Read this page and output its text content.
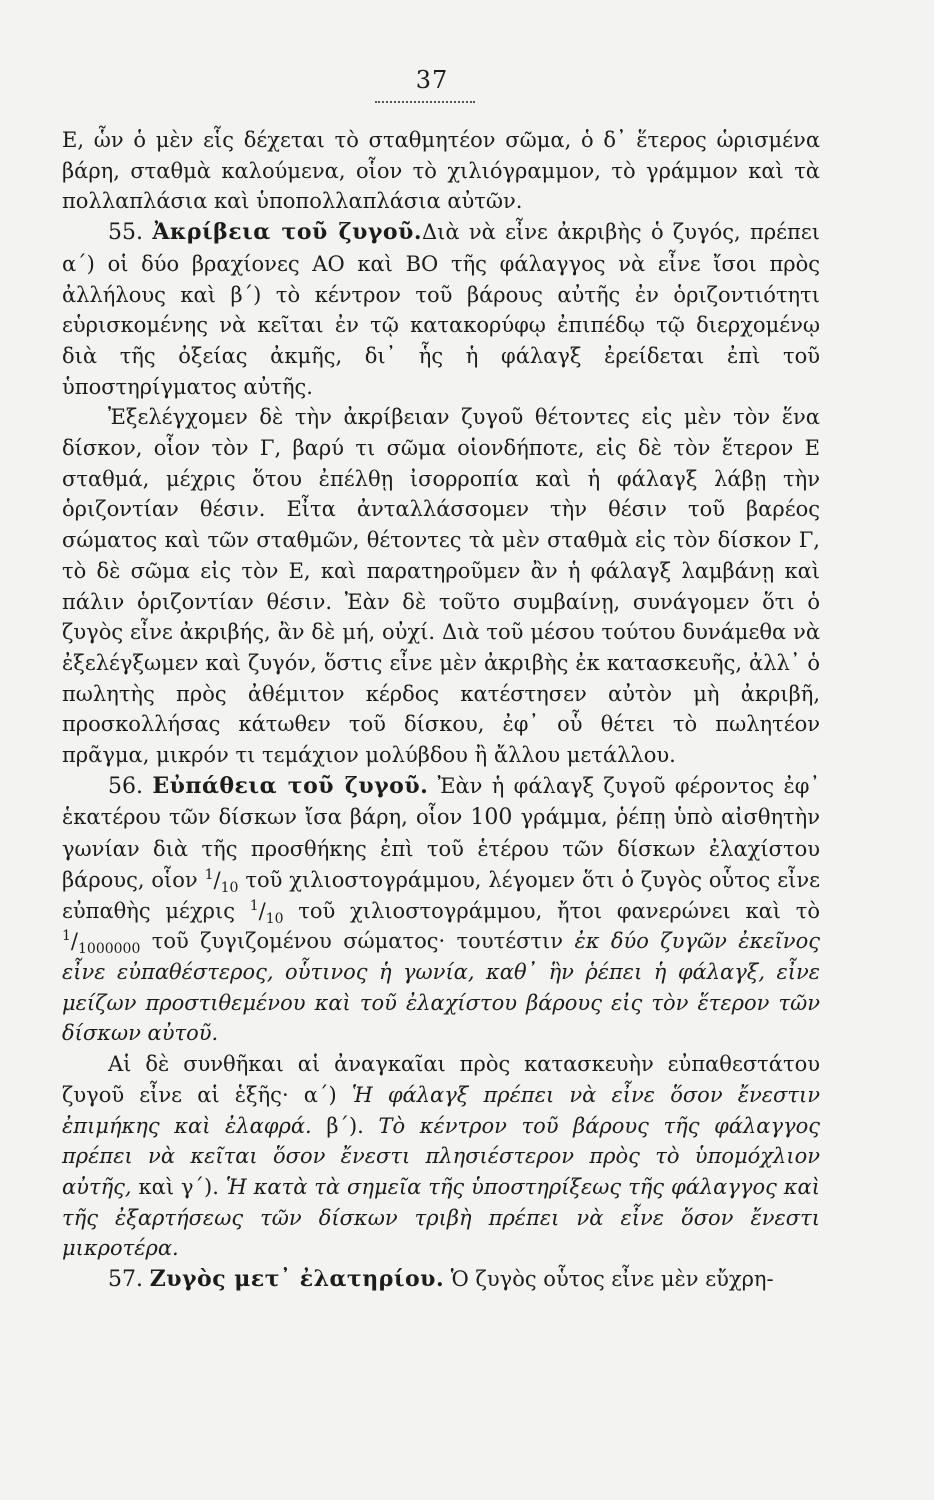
37

Ε, ὧν ὁ μὲν εἷς δέχεται τὸ σταθμητέον σῶμα, ὁ δ᾽ ἕτερος ὡρισμένα βάρη, σταθμὰ καλούμενα, οἷον τὸ χιλιόγραμμον, τὸ γράμμον καὶ τὰ πολλαπλάσια καὶ ὑποπολλαπλάσια αὐτῶν.

55. Ἀκρίβεια τοῦ ζυγοῦ.Διὰ νὰ εἶνε ἀκριβὴς ὁ ζυγός, πρέπει α΄) οἱ δύο βραχίονες ΑΟ καὶ ΒΟ τῆς φάλαγγος νὰ εἶνε ἴσοι πρὸς ἀλλήλους καὶ β΄) τὸ κέντρον τοῦ βάρους αὐτῆς ἐν ὁριζοντιότητι εὑρισκομένης νὰ κεῖται ἐν τῷ κατακορύφῳ ἐπιπέδῳ τῷ διερχομένῳ διὰ τῆς ὀξείας ἀκμῆς, δι᾽ ἧς ἡ φάλαγξ ἐρείδεται ἐπὶ τοῦ ὑποστηρίγματος αὐτῆς.

Ἐξελέγχομεν δὲ τὴν ἀκρίβειαν ζυγοῦ θέτοντες εἰς μὲν τὸν ἕνα δίσκον, οἷον τὸν Γ, βαρύ τι σῶμα οἱονδήποτε, εἰς δὲ τὸν ἕτερον Ε σταθμά, μέχρις ὅτου ἐπέλθῃ ἰσορροπία καὶ ἡ φάλαγξ λάβῃ τὴν ὁριζοντίαν θέσιν. Εἶτα ἀνταλλάσσομεν τὴν θέσιν τοῦ βαρέος σώματος καὶ τῶν σταθμῶν, θέτοντες τὰ μὲν σταθμὰ εἰς τὸν δίσκον Γ, τὸ δὲ σῶμα εἰς τὸν Ε, καὶ παρατηροῦμεν ἂν ἡ φάλαγξ λαμβάνῃ καὶ πάλιν ὁριζοντίαν θέσιν. Ἐὰν δὲ τοῦτο συμβαίνῃ, συνάγομεν ὅτι ὁ ζυγὸς εἶνε ἀκριβής, ἂν δὲ μή, οὐχί. Διὰ τοῦ μέσου τούτου δυνάμεθα νὰ ἐξελέγξωμεν καὶ ζυγόν, ὅστις εἶνε μὲν ἀκριβὴς ἐκ κατασκευῆς, ἀλλ᾽ ὁ πωλητὴς πρὸς ἀθέμιτον κέρδος κατέστησεν αὐτὸν μὴ ἀκριβῆ, προσκολλήσας κάτωθεν τοῦ δίσκου, ἐφ᾽ οὗ θέτει τὸ πωλητέον πρᾶγμα, μικρόν τι τεμάχιον μολύβδου ἢ ἄλλου μετάλλου.

56. Εὐπάθεια τοῦ ζυγοῦ. Ἐὰν ἡ φάλαγξ ζυγοῦ φέροντος ἐφ᾽ ἑκατέρου τῶν δίσκων ἴσα βάρη, οἷον 100 γράμμα, ῥέπῃ ὑπὸ αἰσθητὴν γωνίαν διὰ τῆς προσθήκης ἐπὶ τοῦ ἑτέρου τῶν δίσκων ἐλαχίστου βάρους, οἷον $^1/_{10}$ τοῦ χιλιοστογράμμου, λέγομεν ὅτι ὁ ζυγὸς οὗτος εἶνε εὐπαθὴς μέχρις $^1/_{10}$ τοῦ χιλιοστογράμμου, ἤτοι φανερώνει καὶ τὸ $^1/_{1000000}$ τοῦ ζυγιζομένου σώματος· τουτέστιν ἐκ δύο ζυγῶν ἐκεῖνος εἶνε εὐπαθέστερος, οὗτινος ἡ γωνία, καθ᾽ ἣν ῥέπει ἡ φάλαγξ, εἶνε μείζων προστιθεμένου καὶ τοῦ ἐλαχίστου βάρους εἰς τὸν ἕτερον τῶν δίσκων αὐτοῦ.

Αἱ δὲ συνθῆκαι αἱ ἀναγκαῖαι πρὸς κατασκευὴν εὐπαθεστάτου ζυγοῦ εἶνε αἱ ἑξῆς· α΄) Ἡ φάλαγξ πρέπει νὰ εἶνε ὅσον ἔνεστιν ἐπιμήκης καὶ ἐλαφρά. β΄). Τὸ κέντρον τοῦ βάρους τῆς φάλαγγος πρέπει νὰ κεῖται ὅσον ἔνεστι πλησιέστερον πρὸς τὸ ὑπομόχλιον αὐτῆς, καὶ γ΄). Ἡ κατὰ τὰ σημεῖα τῆς ὑποστηρίξεως τῆς φάλαγγος καὶ τῆς ἐξαρτήσεως τῶν δίσκων τριβὴ πρέπει νὰ εἶνε ὅσον ἔνεστι μικροτέρα.

57. Ζυγὸς μετ᾽ ἐλατηρίου. Ὁ ζυγὸς οὗτος εἶνε μὲν εὔχρη-
